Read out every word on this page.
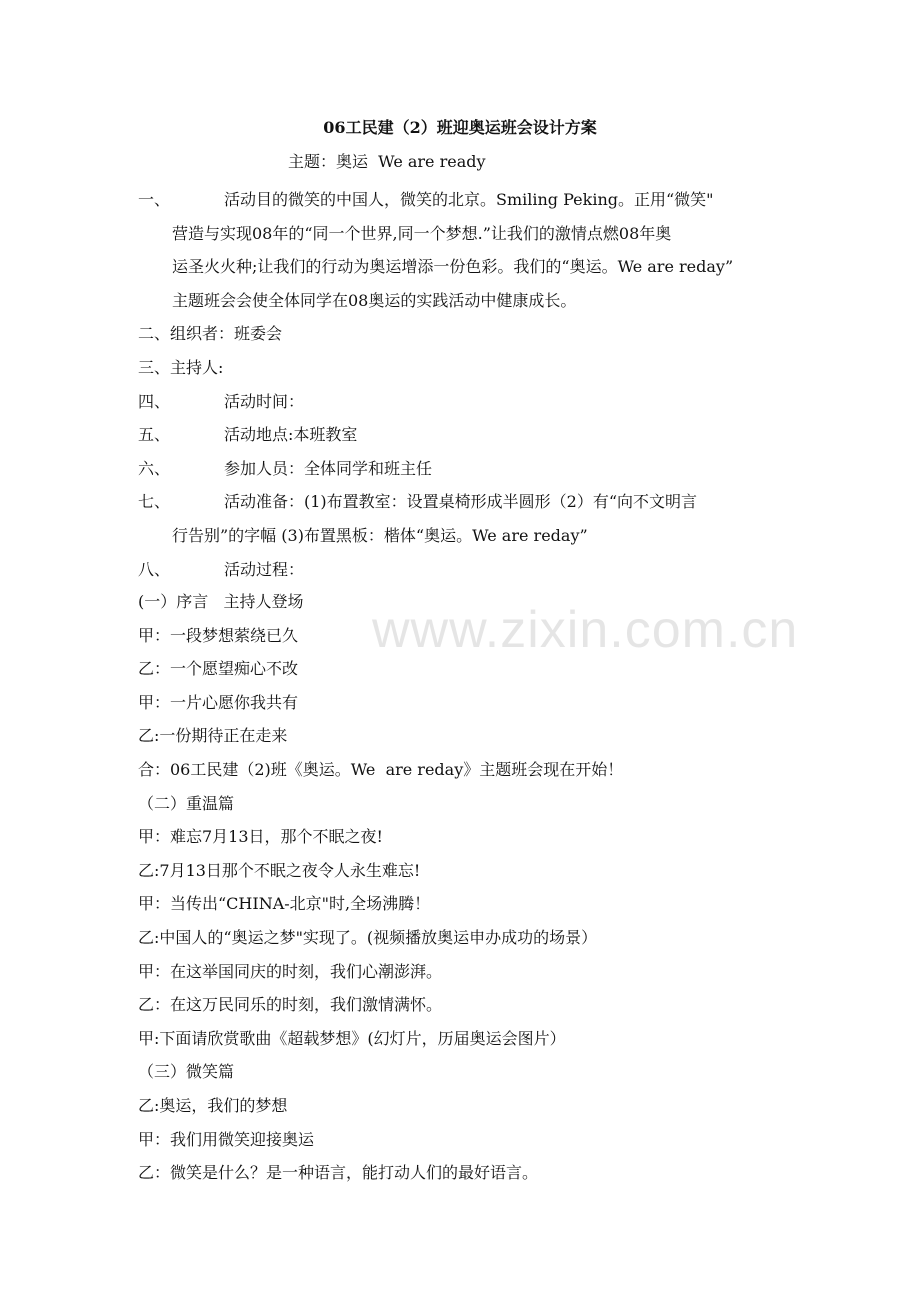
06工民建（2）班迎奥运班会设计方案
主题：奥运  We are ready
一、	活动目的微笑的中国人，微笑的北京。Smiling Peking。正用“微笑"
营造与实现08年的“同一个世界,同一个梦想.”让我们的激情点燃08年奥
运圣火火种;让我们的行动为奥运增添一份色彩。我们的“奥运。We are reday”
主题班会会使全体同学在08奥运的实践活动中健康成长。
二、组织者：班委会
三、主持人:
四、	活动时间：
五、	活动地点:本班教室
六、	参加人员：全体同学和班主任
七、	活动准备：(1)布置教室：设置桌椅形成半圆形（2）有“向不文明言
行告别”的字幅 (3)布置黑板：楷体“奥运。We are reday”
八、	活动过程：
(一）序言   主持人登场
甲：一段梦想萦绕已久
乙：一个愿望痴心不改
甲：一片心愿你我共有
乙:一份期待正在走来
合：06工民建（2)班《奥运。We  are reday》主题班会现在开始！
（二）重温篇
甲：难忘7月13日，那个不眠之夜!
乙:7月13日那个不眠之夜令人永生难忘!
甲：当传出“CHINA-北京"时,全场沸腾！
乙:中国人的“奥运之梦"实现了。(视频播放奥运申办成功的场景）
甲：在这举国同庆的时刻，我们心潮澎湃。
乙：在这万民同乐的时刻，我们激情满怀。
甲:下面请欣赏歌曲《超载梦想》(幻灯片，历届奥运会图片）
（三）微笑篇
乙:奥运，我们的梦想
甲：我们用微笑迎接奥运
乙：微笑是什么？是一种语言，能打动人们的最好语言。
www.zixin.com.cn
